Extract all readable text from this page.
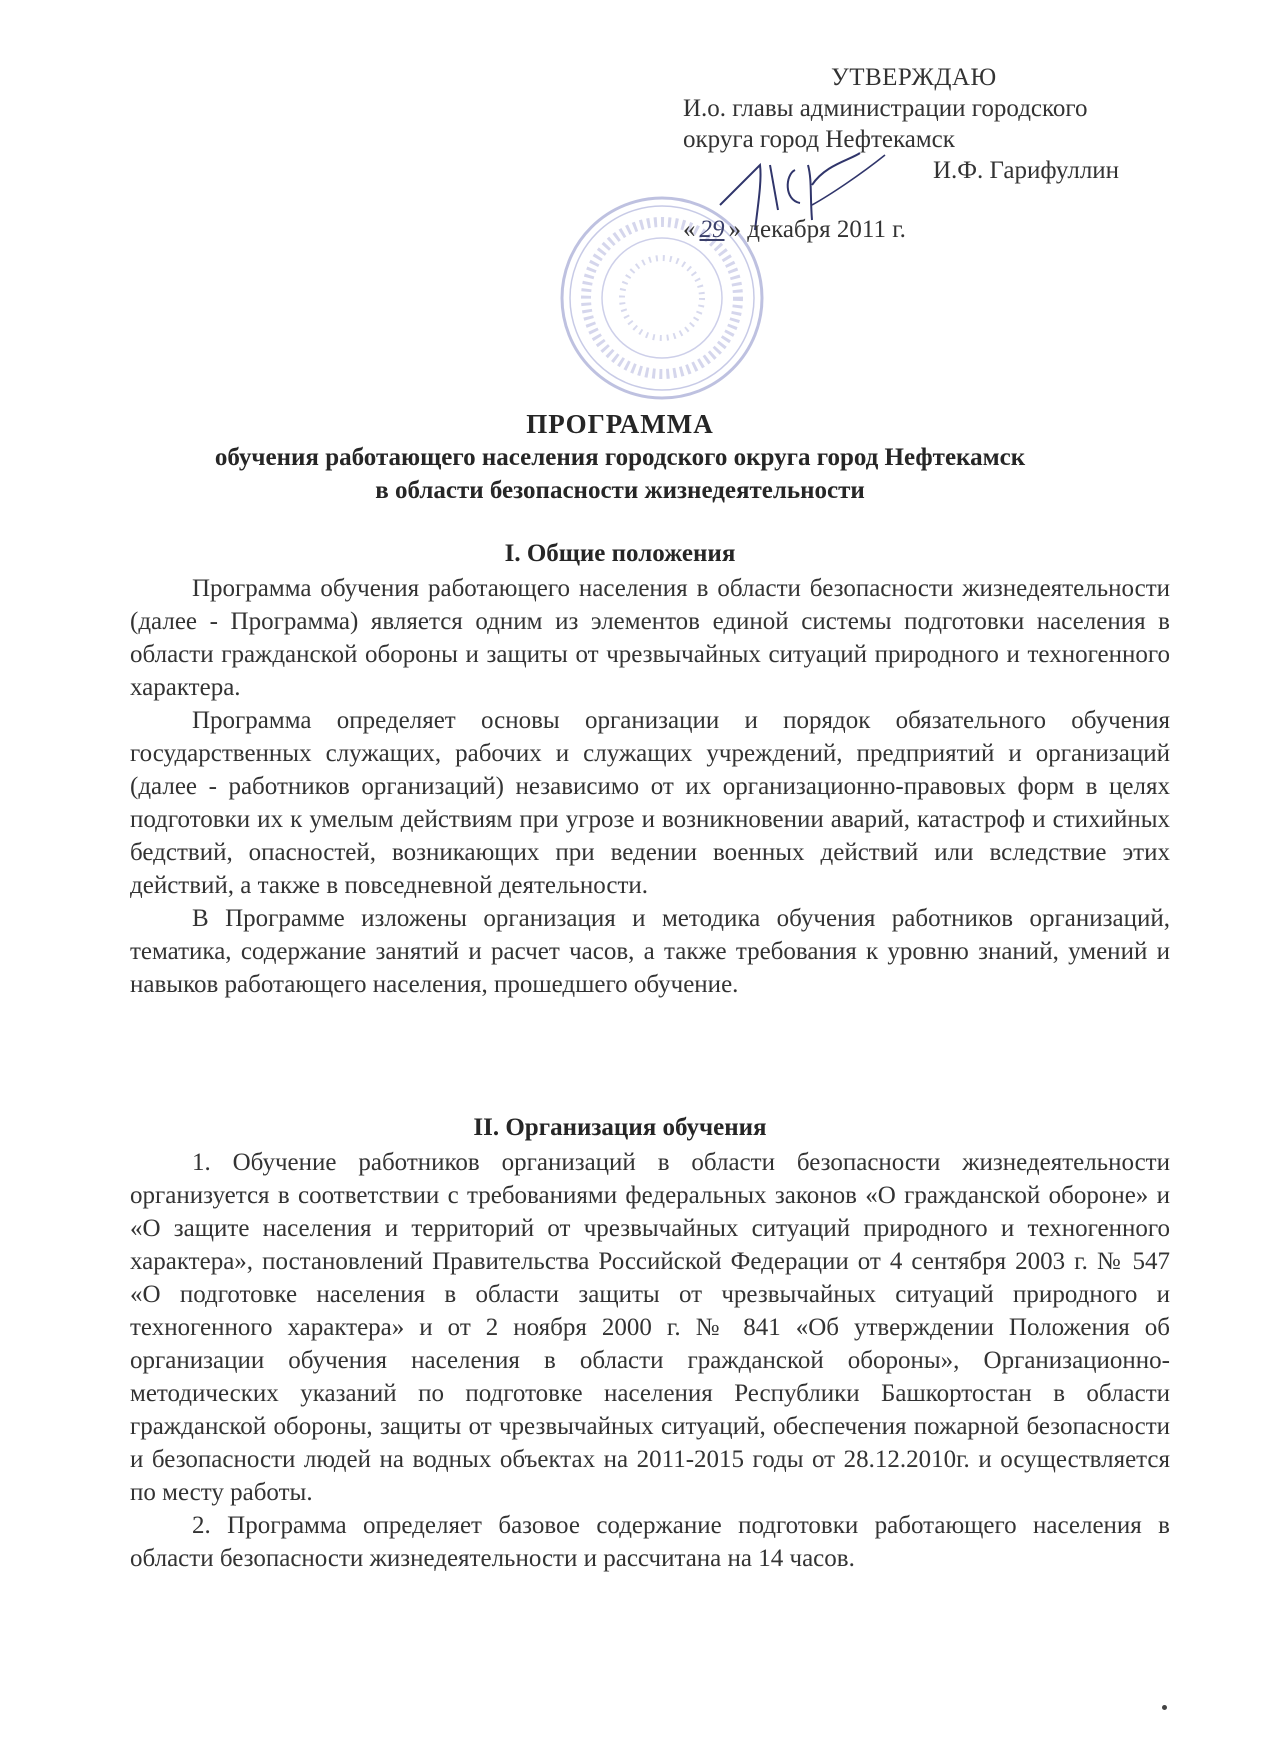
УТВЕРЖДАЮ
И.о. главы администрации городского
округа город Нефтекамск
И.Ф. Гарифуллин
« 29 » декабря 2011 г.
ПРОГРАММА
обучения работающего населения городского округа город Нефтекамск
в области безопасности жизнедеятельности
I. Общие положения

Программа обучения работающего населения в области безопасности жизнедеятельности (далее - Программа) является одним из элементов единой системы подготовки населения в области гражданской обороны и защиты от чрезвычайных ситуаций природного и техногенного характера.

Программа определяет основы организации и порядок обязательного обучения государственных служащих, рабочих и служащих учреждений, предприятий и организаций (далее - работников организаций) независимо от их организационно-правовых форм в целях подготовки их к умелым действиям при угрозе и возникновении аварий, катастроф и стихийных бедствий, опасностей, возникающих при ведении военных действий или вследствие этих действий, а также в повседневной деятельности.

В Программе изложены организация и методика обучения работников организаций, тематика, содержание занятий и расчет часов, а также требования к уровню знаний, умений и навыков работающего населения, прошедшего обучение.

II. Организация обучения

1. Обучение работников организаций в области безопасности жизнедеятельности организуется в соответствии с требованиями федеральных законов «О гражданской обороне» и «О защите населения и территорий от чрезвычайных ситуаций природного и техногенного характера», постановлений Правительства Российской Федерации от 4 сентября 2003 г. № 547 «О подготовке населения в области защиты от чрезвычайных ситуаций природного и техногенного характера» и от 2 ноября 2000 г. № 841 «Об утверждении Положения об организации обучения населения в области гражданской обороны», Организационно-методических указаний по подготовке населения Республики Башкортостан в области гражданской обороны, защиты от чрезвычайных ситуаций, обеспечения пожарной безопасности и безопасности людей на водных объектах на 2011-2015 годы от 28.12.2010г. и осуществляется по месту работы.

2. Программа определяет базовое содержание подготовки работающего населения в области безопасности жизнедеятельности и рассчитана на 14 часов.
